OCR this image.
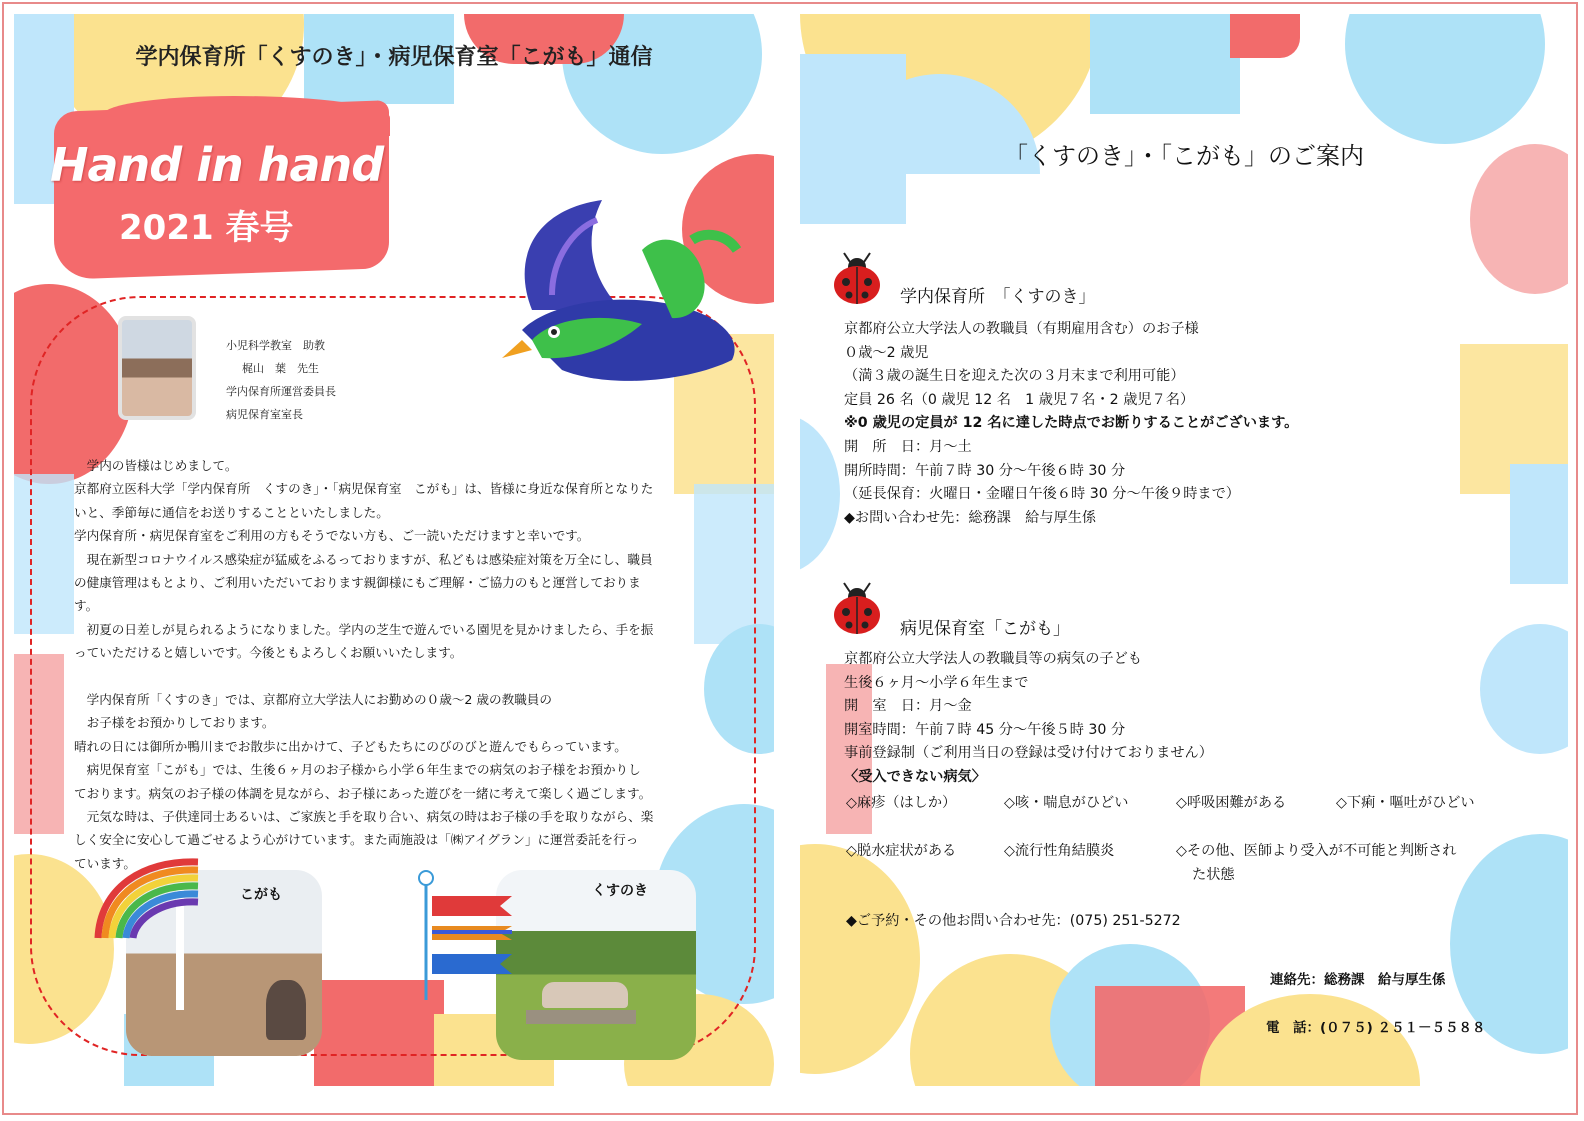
学内保育所「くすのき」・病児保育室「こがも」通信
Hand in hand
2021 春号
小児科学教室　助教
梶山　葉　先生
学内保育所運営委員長
病児保育室室長

　学内の皆様はじめまして。

京都府立医科大学「学内保育所　くすのき」・「病児保育室　こがも」は、皆様に身近な保育所となりた

いと、季節毎に通信をお送りすることといたしました。

学内保育所・病児保育室をご利用の方もそうでない方も、ご一読いただけますと幸いです。

　現在新型コロナウイルス感染症が猛威をふるっておりますが、私どもは感染症対策を万全にし、職員

の健康管理はもとより、ご利用いただいております親御様にもご理解・ご協力のもと運営しておりま

す。

　初夏の日差しが見られるようになりました。学内の芝生で遊んでいる園児を見かけましたら、手を振

っていただけると嬉しいです。今後ともよろしくお願いいたします。

　学内保育所「くすのき」では、京都府立大学法人にお勤めの０歳～2 歳の教職員の

　お子様をお預かりしております。

晴れの日には御所か鴨川までお散歩に出かけて、子どもたちにのびのびと遊んでもらっています。

　病児保育室「こがも」では、生後６ヶ月のお子様から小学６年生までの病気のお子様をお預かりし

ております。病気のお子様の体調を見ながら、お子様にあった遊びを一緒に考えて楽しく過ごします。

　元気な時は、子供達同士あるいは、ご家族と手を取り合い、病気の時はお子様の手を取りながら、楽

しく安全に安心して過ごせるよう心がけています。また両施設は「㈱アイグラン」に運営委託を行っ

ています。

こがも	くすのき
「くすのき」・「こがも」のご案内
学内保育所　「くすのき」
京都府公立大学法人の教職員（有期雇用含む）のお子様
０歳～2 歳児
（満３歳の誕生日を迎えた次の３月末まで利用可能）
定員 26 名（0 歳児 12 名　1 歳児７名・2 歳児７名）
※0 歳児の定員が 12 名に達した時点でお断りすることがございます。
開　所　日：月～土
開所時間：午前７時 30 分～午後６時 30 分
（延長保育：火曜日・金曜日午後６時 30 分～午後９時まで）
◆お問い合わせ先：総務課　給与厚生係
病児保育室「こがも」
京都府公立大学法人の教職員等の病気の子ども
生後６ヶ月～小学６年生まで
開　室　日：月～金
開室時間：午前７時 45 分～午後５時 30 分
事前登録制（ご利用当日の登録は受け付けておりません）
〈受入できない病気〉
◇麻疹（はしか）	◇咳・喘息がひどい	◇呼吸困難がある	◇下痢・嘔吐がひどい
◇脱水症状がある	◇流行性角結膜炎	◇その他、医師より受入が不可能と判断され
た状態
◆ご予約・その他お問い合わせ先：(075) 251-5272
連絡先：総務課　給与厚生係
電　話：(０７５) ２５１－５５８８
